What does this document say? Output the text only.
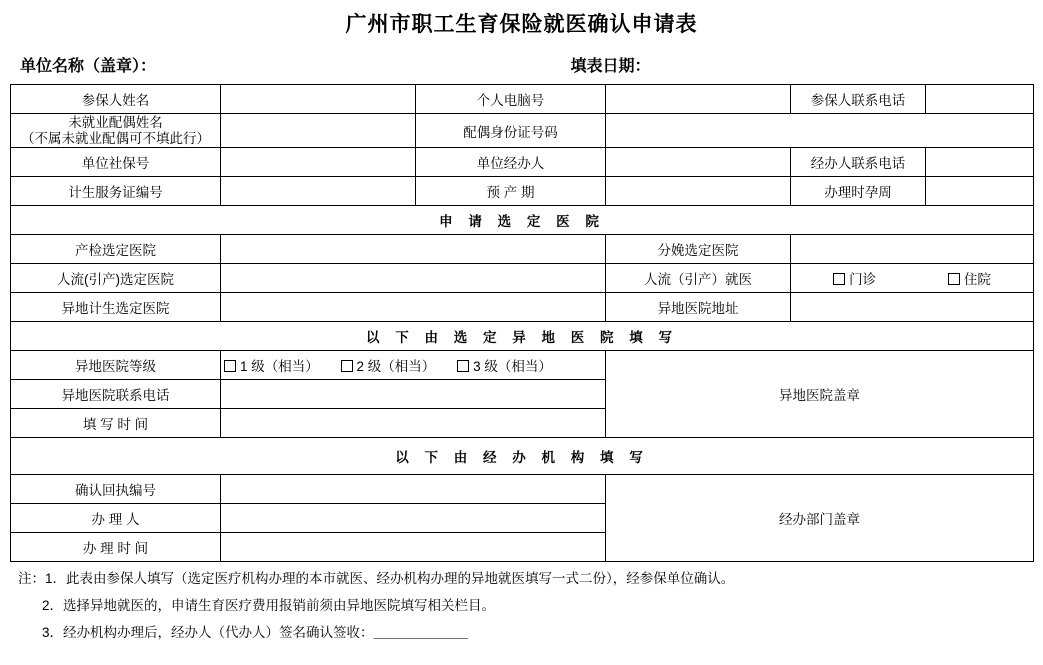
广州市职工生育保险就医确认申请表
单位名称（盖章）：	填表日期：
参保人姓名		个人电脑号		参保人联系电话	

未就业配偶姓名
（不属未就业配偶可不填此行）		配偶身份证号码			
单位社保号		单位经办人		经办人联系电话	
计生服务证编号		预 产 期		办理时孕周	
申 请 选 定 医 院					
产检选定医院			分娩选定医院		
人流(引产)选定医院			人流（引产）就医	门诊 住院	
异地计生选定医院			异地医院地址		
以 下 由 选 定 异 地 医 院 填 写					
异地医院等级	1 级（相当） 2 级（相当） 3 级（相当）		异地医院盖章		
异地医院联系电话					
填 写 时 间					
以 下 由 经 办 机 构 填 写					
确认回执编号			经办部门盖章		
办 理 人					
办 理 时 间					

注：1．此表由参保人填写（选定医疗机构办理的本市就医、经办机构办理的异地就医填写一式二份），经参保单位确认。

2．选择异地就医的，申请生育医疗费用报销前须由异地医院填写相关栏目。

3．经办机构办理后，经办人（代办人）签名确认签收：＿＿＿＿＿＿＿
